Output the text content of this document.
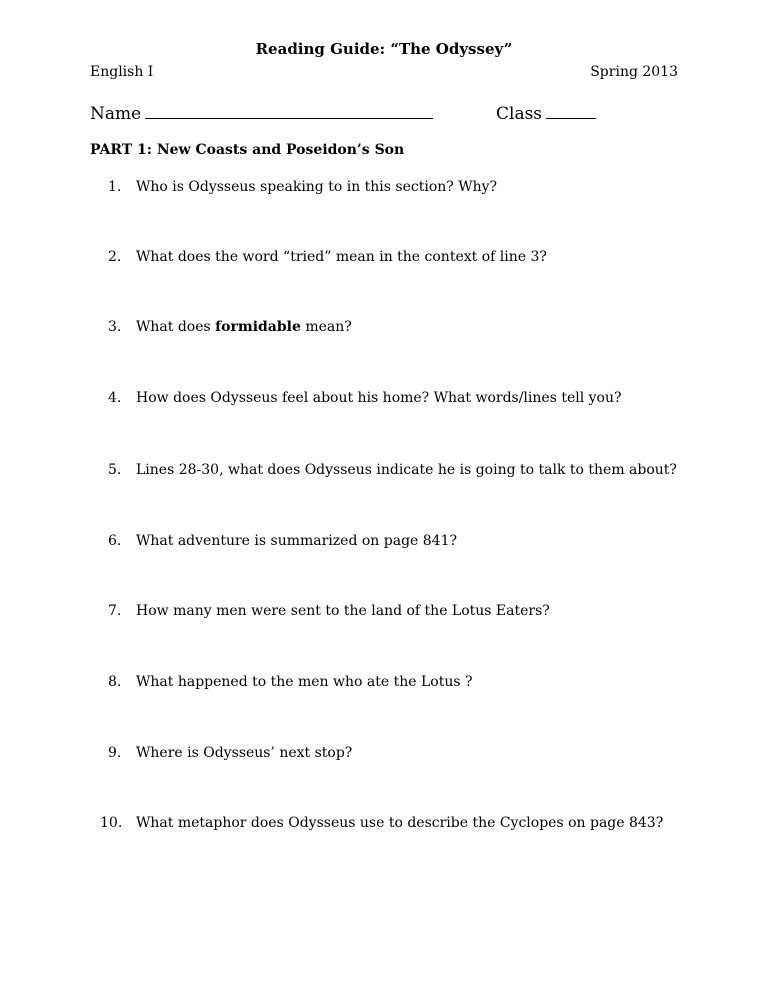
Reading Guide: “The Odyssey”
English I	Spring 2013
Name	Class
PART 1: New Coasts and Poseidon’s Son
1. Who is Odysseus speaking to in this section? Why?
2. What does the word “tried” mean in the context of line 3?
3. What does formidable mean?
4. How does Odysseus feel about his home? What words/lines tell you?
5. Lines 28-30, what does Odysseus indicate he is going to talk to them about?
6. What adventure is summarized on page 841?
7. How many men were sent to the land of the Lotus Eaters?
8. What happened to the men who ate the Lotus ?
9. Where is Odysseus’ next stop?
10. What metaphor does Odysseus use to describe the Cyclopes on page 843?
